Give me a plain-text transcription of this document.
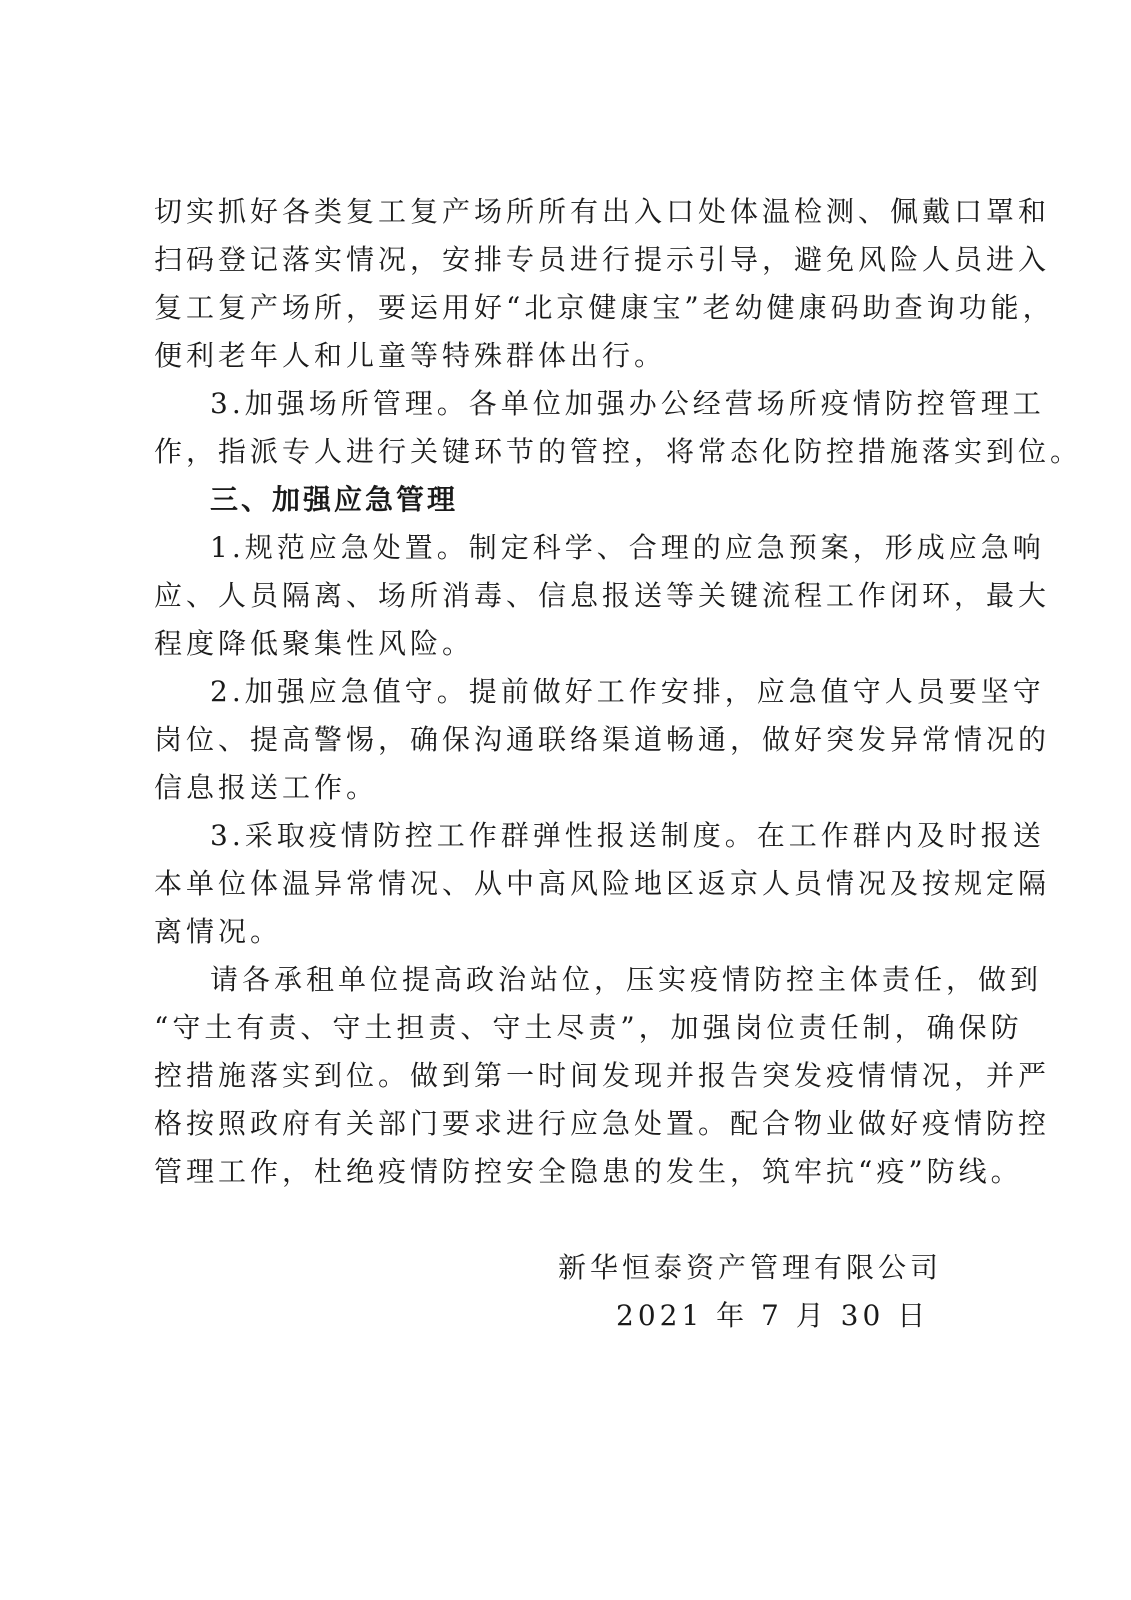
切实抓好各类复工复产场所所有出入口处体温检测、佩戴口罩和
扫码登记落实情况，安排专员进行提示引导，避免风险人员进入
复工复产场所，要运用好“北京健康宝”老幼健康码助查询功能，
便利老年人和儿童等特殊群体出行。
3.加强场所管理。各单位加强办公经营场所疫情防控管理工
作，指派专人进行关键环节的管控，将常态化防控措施落实到位。
三、加强应急管理
1.规范应急处置。制定科学、合理的应急预案，形成应急响
应、人员隔离、场所消毒、信息报送等关键流程工作闭环，最大
程度降低聚集性风险。
2.加强应急值守。提前做好工作安排，应急值守人员要坚守
岗位、提高警惕，确保沟通联络渠道畅通，做好突发异常情况的
信息报送工作。
3.采取疫情防控工作群弹性报送制度。在工作群内及时报送
本单位体温异常情况、从中高风险地区返京人员情况及按规定隔
离情况。
请各承租单位提高政治站位，压实疫情防控主体责任，做到
“守土有责、守土担责、守土尽责”，加强岗位责任制，确保防
控措施落实到位。做到第一时间发现并报告突发疫情情况，并严
格按照政府有关部门要求进行应急处置。配合物业做好疫情防控
管理工作，杜绝疫情防控安全隐患的发生，筑牢抗“疫”防线。
新华恒泰资产管理有限公司
2021 年 7 月 30 日
